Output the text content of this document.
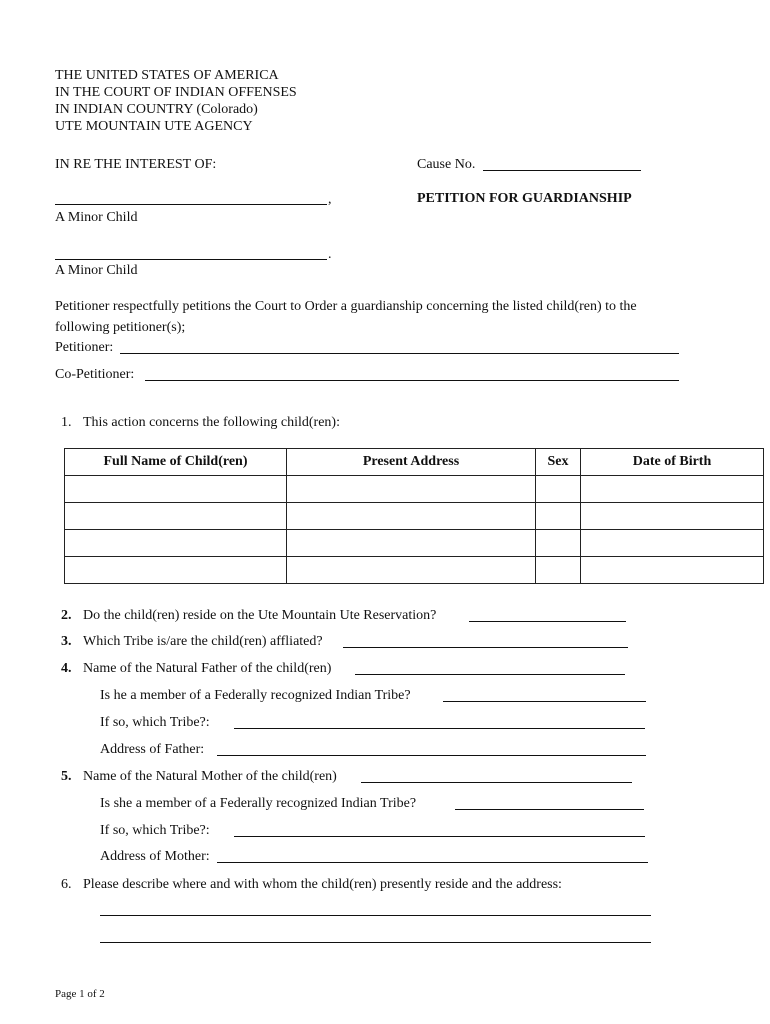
THE UNITED STATES OF AMERICA
IN THE COURT OF INDIAN OFFENSES
IN INDIAN COUNTRY (Colorado)
UTE MOUNTAIN UTE AGENCY
IN RE THE INTEREST OF:	Cause No.
PETITION FOR GUARDIANSHIP
,
A Minor Child
.
A Minor Child
Petitioner respectfully petitions the Court to Order a guardianship concerning the listed child(ren) to the
following petitioner(s);
Petitioner:
Co-Petitioner:
1. This action concerns the following child(ren):
Full Name of Child(ren)	Present Address	Sex	Date of Birth

2. Do the child(ren) reside on the Ute Mountain Ute Reservation?
3. Which Tribe is/are the child(ren) affliated?
4. Name of the Natural Father of the child(ren)
Is he a member of a Federally recognized Indian Tribe?
If so, which Tribe?:
Address of Father:
5. Name of the Natural Mother of the child(ren)
Is she a member of a Federally recognized Indian Tribe?
If so, which Tribe?:
Address of Mother:
6. Please describe where and with whom the child(ren) presently reside and the address:
Page 1 of 2
